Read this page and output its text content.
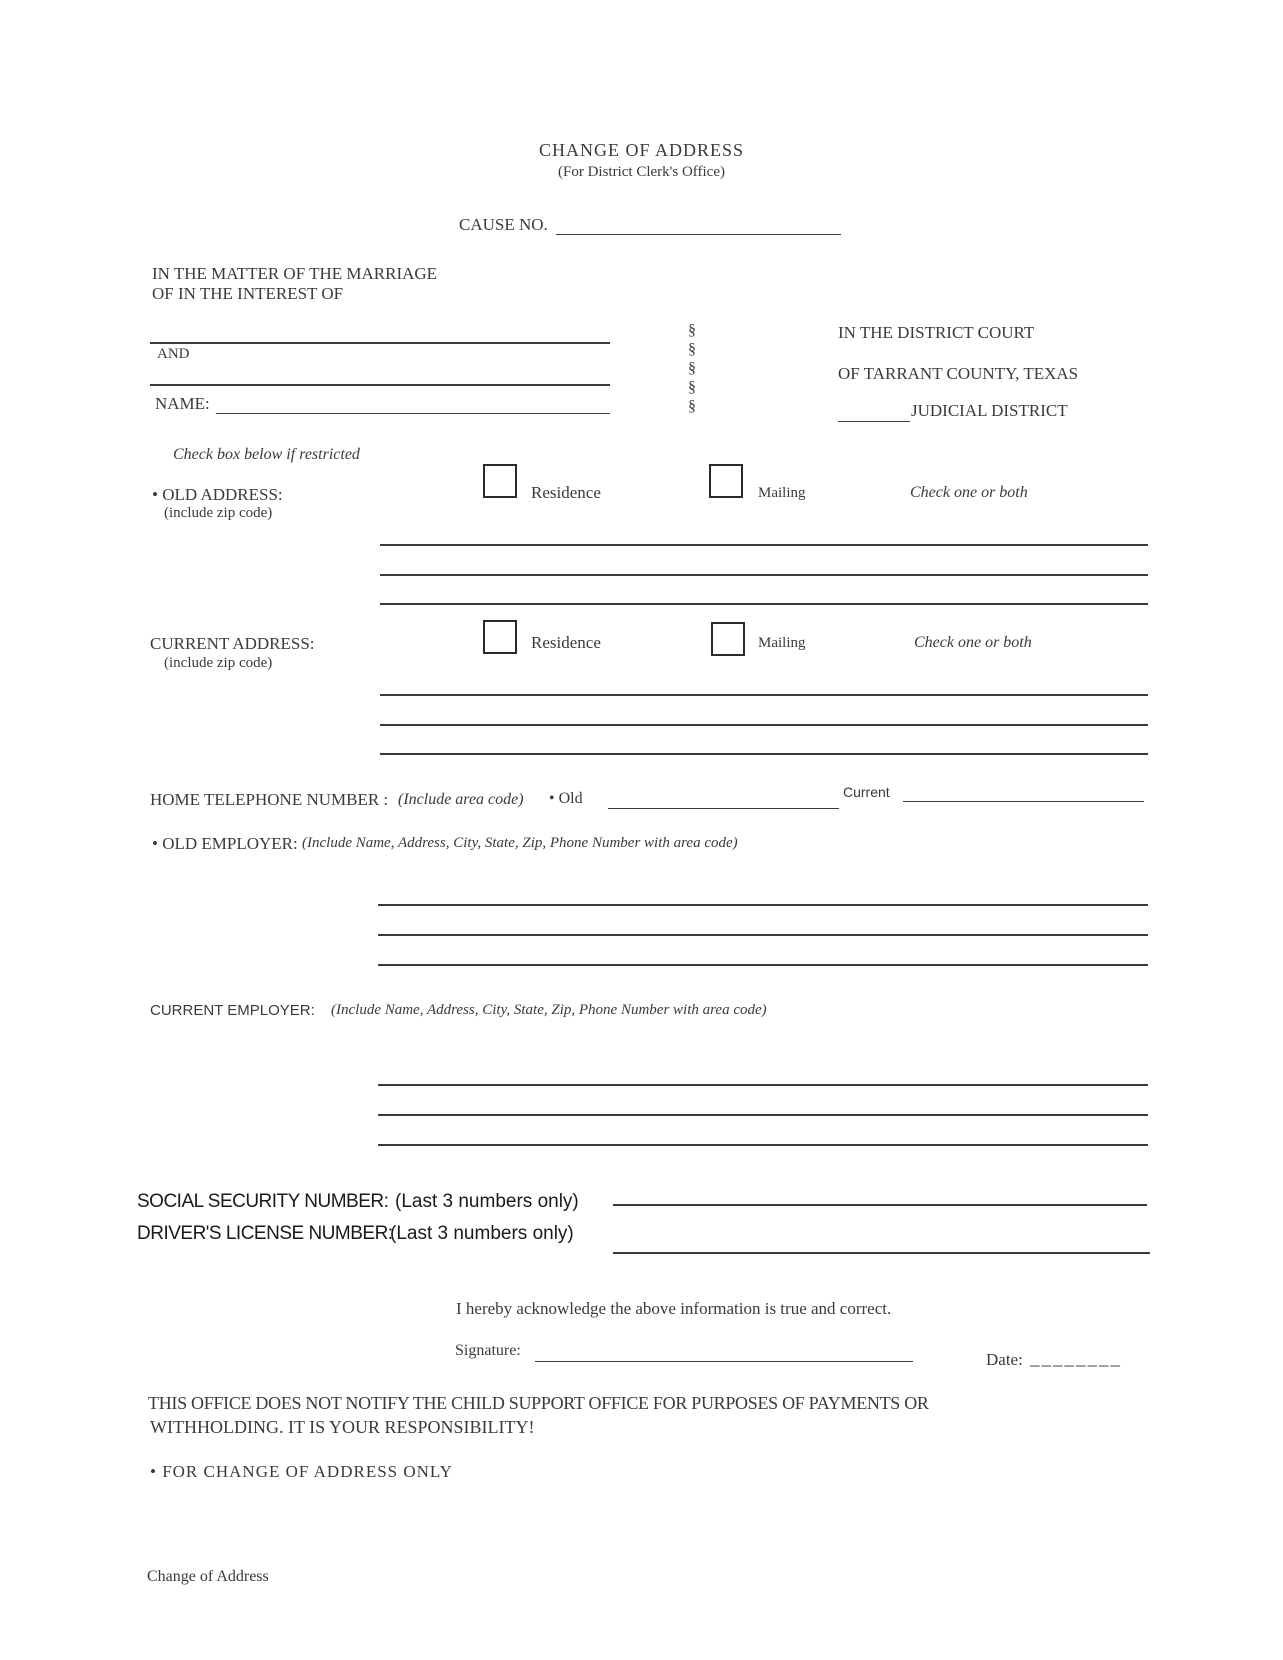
CHANGE OF ADDRESS
(For District Clerk's Office)
CAUSE NO.
IN THE MATTER OF THE MARRIAGE
OF IN THE INTEREST OF
AND
NAME:
§
§
§
§
§
IN THE DISTRICT COURT
OF TARRANT COUNTY, TEXAS
JUDICIAL DISTRICT
Check box below if restricted
• OLD ADDRESS:
(include zip code)
Residence	Mailing	Check one or both
CURRENT ADDRESS:
(include zip code)
Residence	Mailing	Check one or both
HOME TELEPHONE NUMBER : (Include area code) • Old	Current
• OLD EMPLOYER: (Include Name, Address, City, State, Zip, Phone Number with area code)
CURRENT EMPLOYER: (Include Name, Address, City, State, Zip, Phone Number with area code)
SOCIAL SECURITY NUMBER: (Last 3 numbers only)
DRIVER'S LICENSE NUMBER:
(Last 3 numbers only)
I hereby acknowledge the above information is true and correct.
Signature:	Date: ________
THIS OFFICE DOES NOT NOTIFY THE CHILD SUPPORT OFFICE FOR PURPOSES OF PAYMENTS OR
WITHHOLDING. IT IS YOUR RESPONSIBILITY!
• FOR CHANGE OF ADDRESS ONLY
Change of Address
